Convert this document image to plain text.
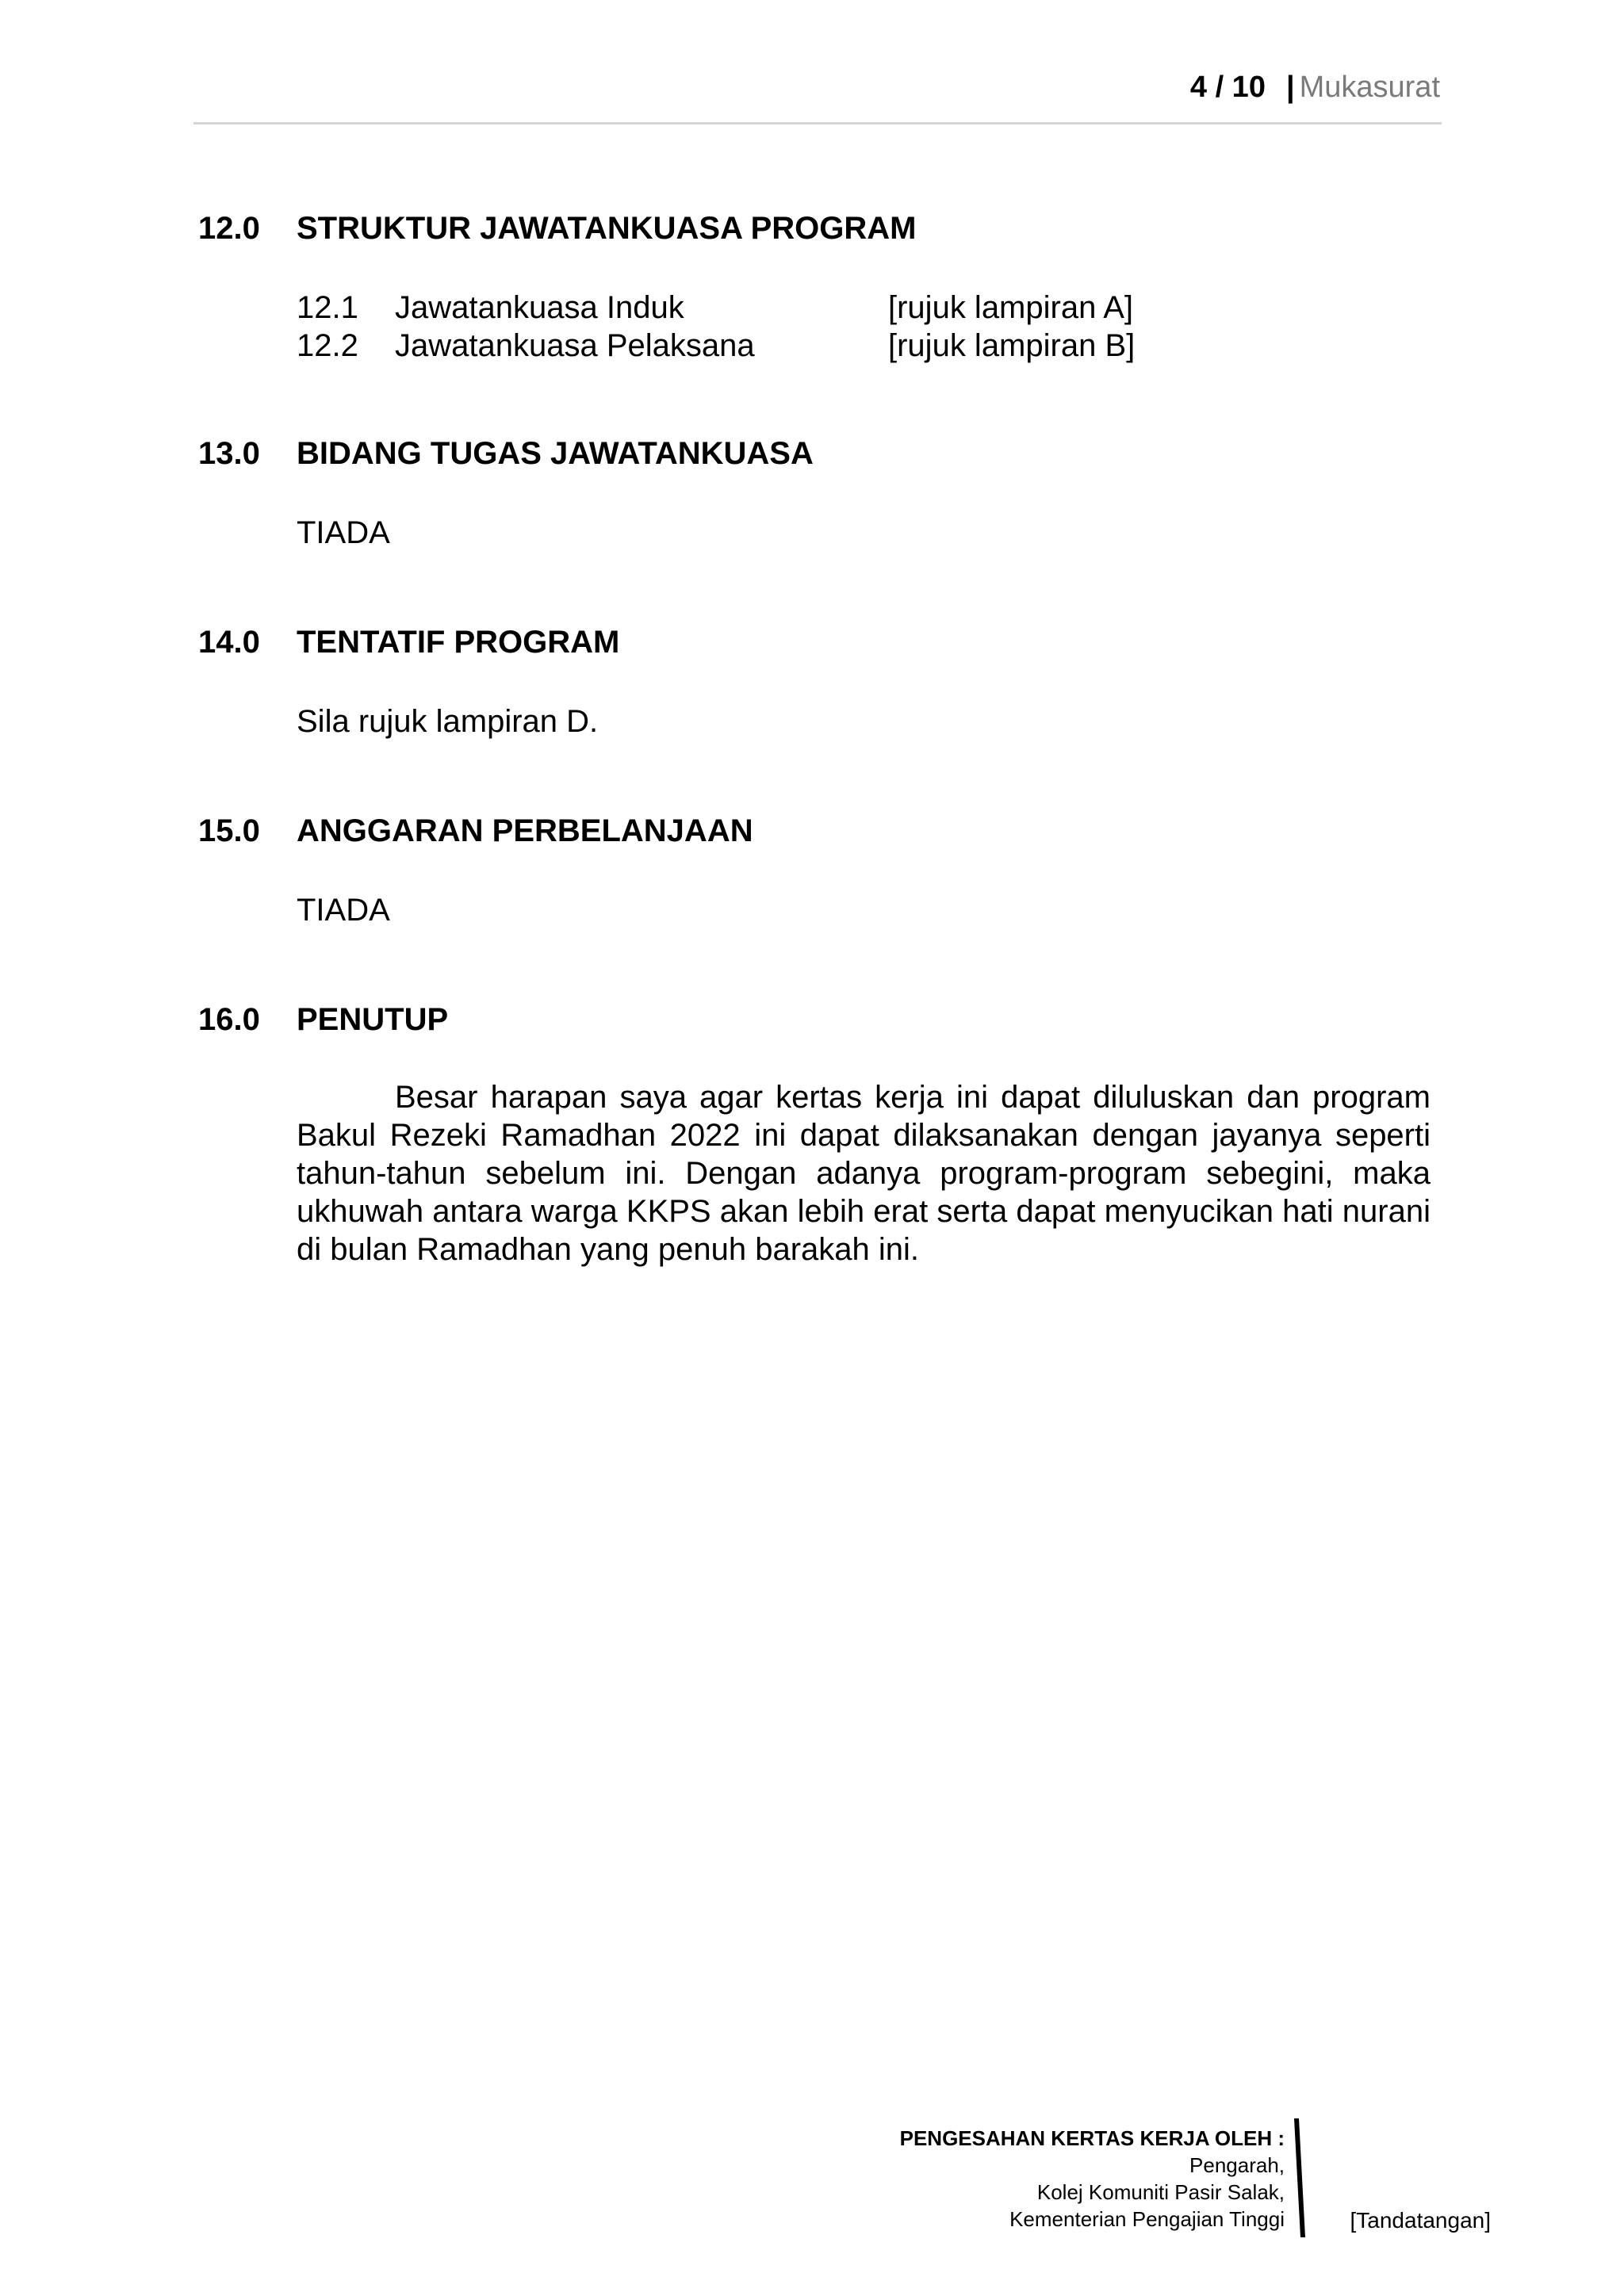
4 / 10 | Mukasurat
12.0 STRUKTUR JAWATANKUASA PROGRAM
12.1 Jawatankuasa Induk	[rujuk lampiran A]
12.2 Jawatankuasa Pelaksana	[rujuk lampiran B]
13.0 BIDANG TUGAS JAWATANKUASA
TIADA
14.0 TENTATIF PROGRAM
Sila rujuk lampiran D.
15.0 ANGGARAN PERBELANJAAN
TIADA
16.0 PENUTUP
Besar harapan saya agar kertas kerja ini dapat diluluskan dan program Bakul Rezeki Ramadhan 2022 ini dapat dilaksanakan dengan jayanya seperti tahun-tahun sebelum ini. Dengan adanya program-program sebegini, maka ukhuwah antara warga KKPS akan lebih erat serta dapat menyucikan hati nurani di bulan Ramadhan yang penuh barakah ini.
PENGESAHAN KERTAS KERJA OLEH :
Pengarah,
Kolej Komuniti Pasir Salak,
Kementerian Pengajian Tinggi	[Tandatangan]
